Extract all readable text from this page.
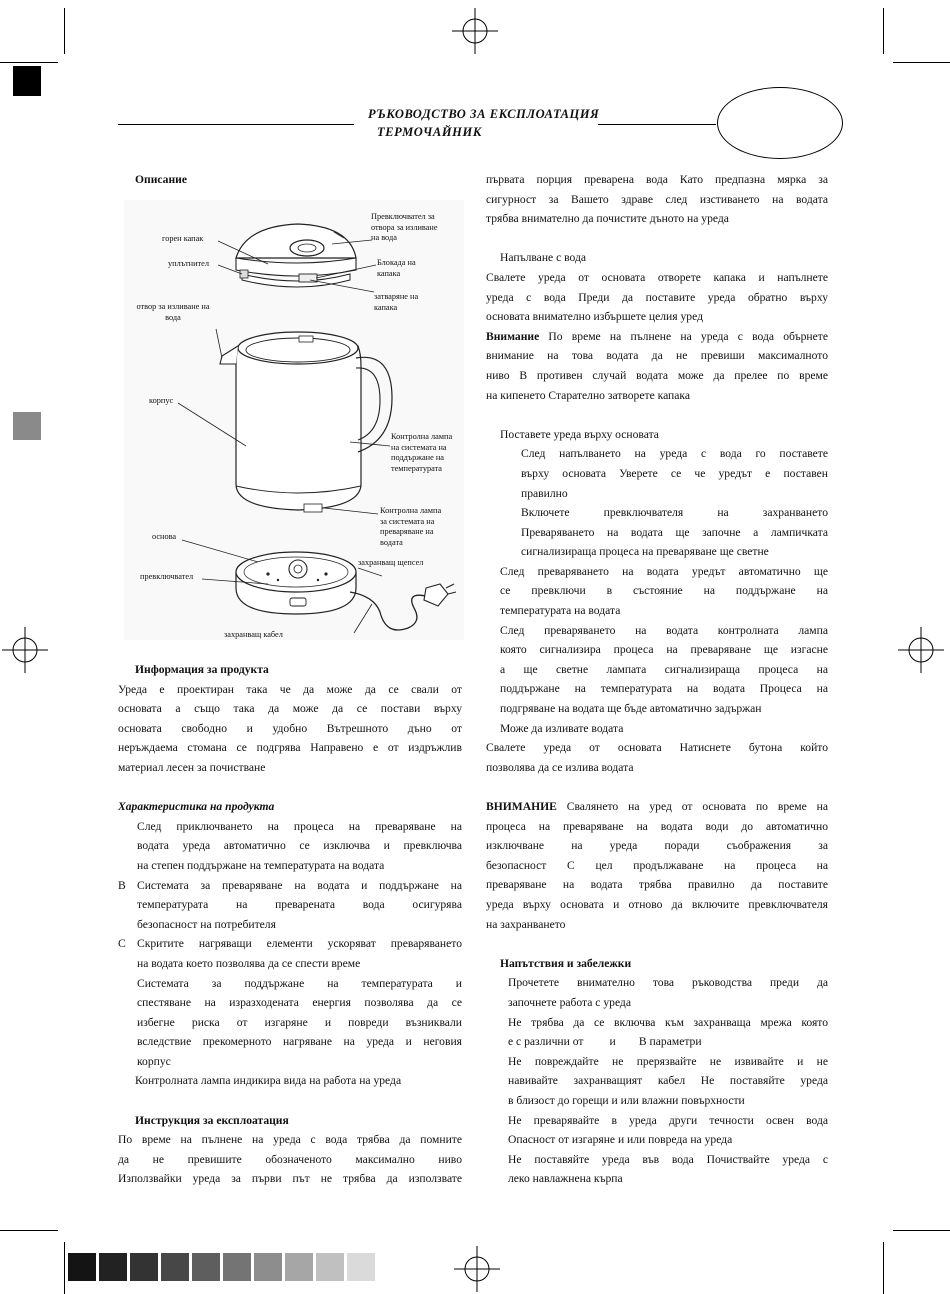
РЪКОВОДСТВО ЗА ЕКСПЛОАТАЦИЯ
ТЕРМОЧАЙНИК
горен капак
уплътнител
отвор за изливане на
вода
корпус
основа
превключвател
захранващ кабел
Превключвател за
отвора за изливане
на вода
Блокада на
капака
затваряне на
капака
Контролна лампа
на системата на
поддържане на
температурата
Контролна лампа
за системата на
преваряване на
водата
захранващ щепсел

Описание

Информация за продукта

Уреда е проектиран така че да може да се свали от

основата а също така да може да се постави върху

основата свободно и удобно Вътрешното дъно от

неръждаема стомана се подгрява Направено е от издръжлив

материал лесен за почистване

Характеристика на продукта

След приключването на процеса на преваряване на

водата уреда автоматично се изключва и превключва

на степен поддържане на температурата на водата

В Системата за преваряване на водата и поддържане на

температурата на преварената вода осигурява

безопасност на потребителя

С Скритите нагряващи елементи ускоряват преваряването

на водата което позволява да се спести време

Системата за поддържане на температурата и

спестяване на изразходената енергия позволява да се

избегне риска от изгаряне и повреди възниквали

вследствие прекомерното нагряване на уреда и неговия

корпус

Контролната лампа индикира вида на работа на уреда

Инструкция за експлоатация

По време на пълнене на уреда с вода трябва да помните

да не превишите обозначеното максимално ниво

Използвайки уреда за първи път не трябва да използвате

първата порция преварена вода Като предпазна мярка за

сигурност за Вашето здраве след изстиването на водата

трябва внимателно да почистите дъното на уреда

Напълване с вода

Свалете уреда от основата отворете капака и напълнете

уреда с вода Преди да поставите уреда обратно върху

основата внимателно избършете целия уред

Внимание По време на пълнене на уреда с вода обърнете

внимание на това водата да не превиши максималното

ниво В противен случай водата може да прелее по време

на кипенето Старателно затворете капака

Поставете уреда върху основата

След напълването на уреда с вода го поставете

върху основата Уверете се че уредът е поставен

правилно

Включете превключвателя на захранването

Преваряването на водата ще започне а лампичката

сигнализираща процеса на преваряване ще светне

След преваряването на водата уредът автоматично ще

се превключи в състояние на поддържане на

температурата на водата

След преваряването на водата контролната лампа

която сигнализира процеса на преваряване ще изгасне

а ще светне лампата сигнализираща процеса на

поддържане на температурата на водата Процеса на

подгряване на водата ще бъде автоматично задържан

Може да изливате водата

Свалете уреда от основата Натиснете бутона който

позволява да се излива водата

ВНИМАНИЕ Свалянето на уред от основата по време на

процеса на преваряване на водата води до автоматично

изключване на уреда поради съображения за

безопасност С цел продължаване на процеса на

преваряване на водата трябва правилно да поставите

уреда върху основата и отново да включите превключвателя

на захранването

Напътствия и забележки

Прочетете внимателно това ръководства преди да

започнете работа с уреда

Не трябва да се включва към захранваща мрежа която

е с различни от         и        В параметри

Не повреждайте не прерязвайте не извивайте и не

навивайте захранващият кабел Не поставяйте уреда

в близост до горещи и или влажни повърхности

Не преварявайте в уреда други течности освен вода

Опасност от изгаряне и или повреда на уреда

Не поставяйте уреда във вода Почиствайте уреда с

леко навлажнена кърпа
